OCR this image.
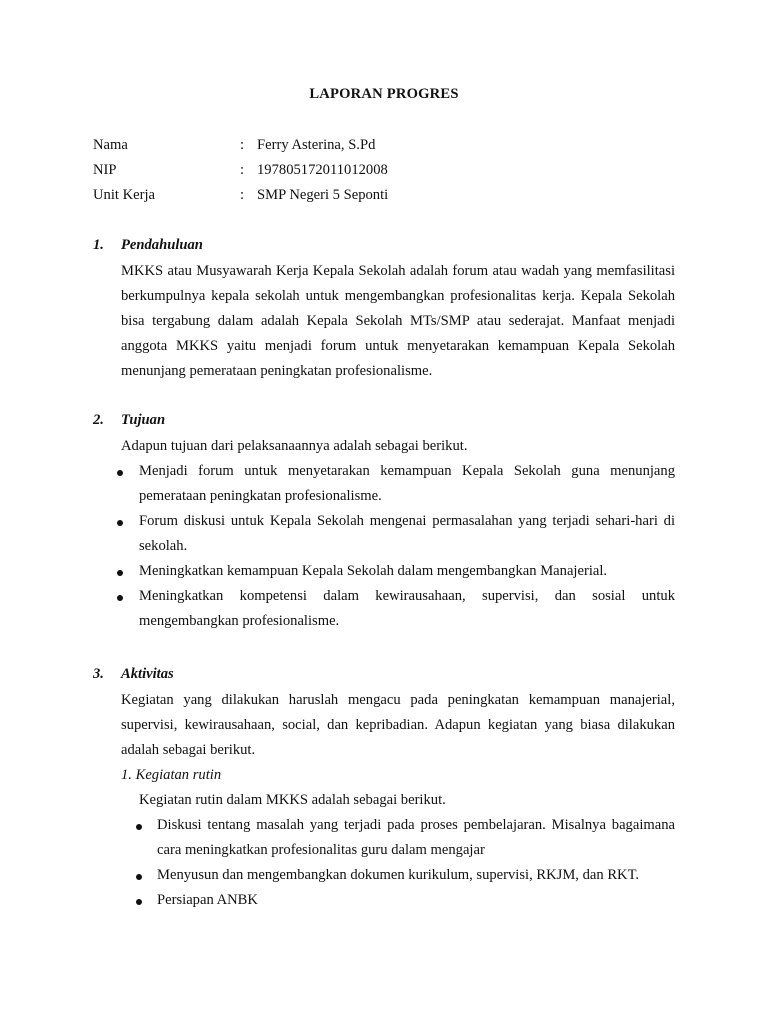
LAPORAN PROGRES
Nama	: Ferry Asterina, S.Pd
NIP	: 197805172011012008
Unit Kerja	: SMP Negeri 5 Seponti
1. Pendahuluan

MKKS atau Musyawarah Kerja Kepala Sekolah adalah forum atau wadah yang memfasilitasi berkumpulnya kepala sekolah untuk mengembangkan profesionalitas kerja. Kepala Sekolah bisa tergabung dalam adalah Kepala Sekolah MTs/SMP atau sederajat. Manfaat menjadi anggota MKKS yaitu menjadi forum untuk menyetarakan kemampuan Kepala Sekolah menunjang pemerataan peningkatan profesionalisme.

2. Tujuan

Adapun tujuan dari pelaksanaannya adalah sebagai berikut.

Menjadi forum untuk menyetarakan kemampuan Kepala Sekolah guna menunjang pemerataan peningkatan profesionalisme.
Forum diskusi untuk Kepala Sekolah mengenai permasalahan yang terjadi sehari-hari di sekolah.
Meningkatkan kemampuan Kepala Sekolah dalam mengembangkan Manajerial.
Meningkatkan kompetensi dalam kewirausahaan, supervisi, dan sosial untuk mengembangkan profesionalisme.
3. Aktivitas

Kegiatan yang dilakukan haruslah mengacu pada peningkatan kemampuan manajerial, supervisi, kewirausahaan, social, dan kepribadian. Adapun kegiatan yang biasa dilakukan adalah sebagai berikut.

1. Kegiatan rutin

Kegiatan rutin dalam MKKS adalah sebagai berikut.

Diskusi tentang masalah yang terjadi pada proses pembelajaran. Misalnya bagaimana cara meningkatkan profesionalitas guru dalam mengajar
Menyusun dan mengembangkan dokumen kurikulum, supervisi, RKJM, dan RKT.
Persiapan ANBK
